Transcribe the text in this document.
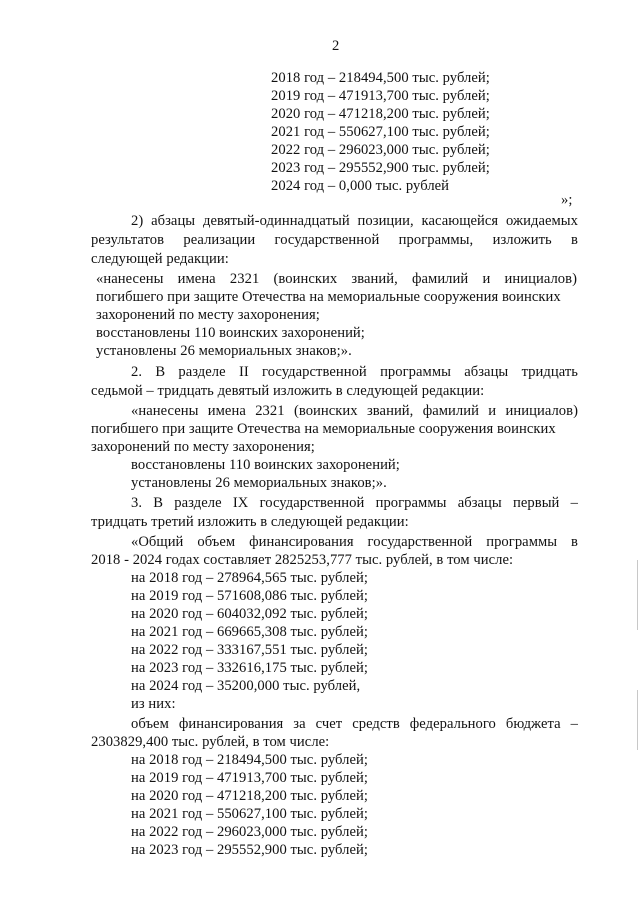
2
2018 год – 218494,500 тыс. рублей;
2019 год – 471913,700 тыс. рублей;
2020 год – 471218,200 тыс. рублей;
2021 год – 550627,100 тыс. рублей;
2022 год – 296023,000 тыс. рублей;
2023 год – 295552,900 тыс. рублей;
2024 год – 0,000 тыс. рублей
»;
2) абзацы девятый-одиннадцатый позиции, касающейся ожидаемых
результатов реализации государственной программы, изложить в
следующей редакции:
«нанесены имена 2321 (воинских званий, фамилий и инициалов)
погибшего при защите Отечества на мемориальные сооружения воинских
захоронений по месту захоронения;
восстановлены 110 воинских захоронений;
установлены 26 мемориальных знаков;».
2. В разделе II государственной программы абзацы тридцать
седьмой – тридцать девятый изложить в следующей редакции:
«нанесены имена 2321 (воинских званий, фамилий и инициалов)
погибшего при защите Отечества на мемориальные сооружения воинских
захоронений по месту захоронения;
восстановлены 110 воинских захоронений;
установлены 26 мемориальных знаков;».
3. В разделе IX государственной программы абзацы первый –
тридцать третий изложить в следующей редакции:
«Общий объем финансирования государственной программы в
2018 - 2024 годах составляет 2825253,777 тыс. рублей, в том числе:
на 2018 год – 278964,565 тыс. рублей;
на 2019 год – 571608,086 тыс. рублей;
на 2020 год – 604032,092 тыс. рублей;
на 2021 год – 669665,308 тыс. рублей;
на 2022 год – 333167,551 тыс. рублей;
на 2023 год – 332616,175 тыс. рублей;
на 2024 год – 35200,000 тыс. рублей,
из них:
объем финансирования за счет средств федерального бюджета –
2303829,400 тыс. рублей, в том числе:
на 2018 год – 218494,500 тыс. рублей;
на 2019 год – 471913,700 тыс. рублей;
на 2020 год – 471218,200 тыс. рублей;
на 2021 год – 550627,100 тыс. рублей;
на 2022 год – 296023,000 тыс. рублей;
на 2023 год – 295552,900 тыс. рублей;
